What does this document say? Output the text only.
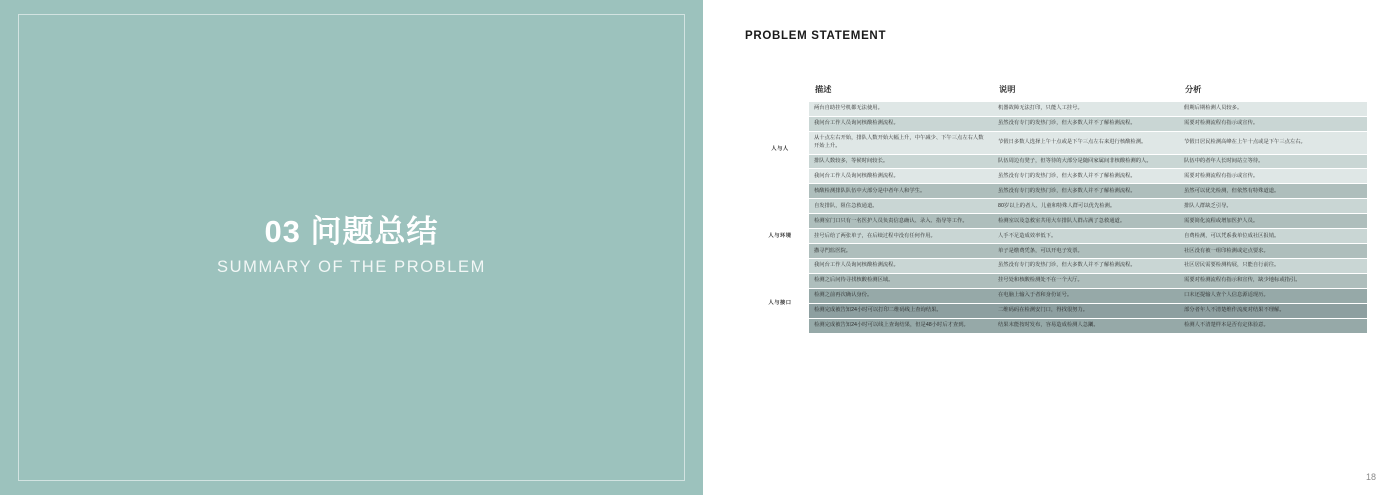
03 问题总结
SUMMARY OF THE PROBLEM
PROBLEM STATEMENT
	描述	说明	分析
人与人	两台自助挂号机都无法使用。	机器故障无法打印，只能人工挂号。	假期后期检测人员较多。
	我问台工作人员询问核酸检测流程。	虽然没有专门的发热门诊，但大多数人并不了解检测流程。	需要对检测流程有指示或宣传。
	从十点左右开始，排队人数开始大幅上升，中午减少、下午三点左右人数开始上升。	节假日多数人选择上午十点或是下午三点左右来进行核酸检测。	节假日居民检测高峰在上午十点或是下午三点左右。
	排队人数较多，等候时间较长。	队伍周边有凳子，但等待的大部分是随回家属间非核酸检测的人。	队伍中的者年人长时间站立等待。
	我问台工作人员询问核酸检测流程。	虽然没有专门的发热门诊，但大多数人并不了解检测流程。	需要对检测流程有指示或宣传。
	核酸检测排队队伍中大部分是中者年人和学生。	虽然没有专门的发热门诊，但大多数人并不了解检测流程。	虽然可以优先检测，但依然有特殊道道。
人与环境	自发排队，阻住急救通道。	80岁以上的者人、儿童和特殊人群可以优先检测。	排队人群缺乏引导。
	检测室门口只有一名医护人员负责信息确认、录入、指导等工作。	检测室以及急救室共用大车排队人群占满了急救通道。	需要简化流程或增加医护人员。
	挂号后给了两张单子，在后续过程中没有任何作用。	人手不足造成效率低下。	自费检测，可以凭系我单位成社区报销。
	撒寻門监医院。	单子是缴费凭条，可以开电子发票。	社区没有被一组印检测或定点要求。
	我问台工作人员询问核酸检测流程。	虽然没有专门的发热门诊，但大多数人并不了解检测流程。	社区居民需要检测构展，只能自行前往。
人与接口	检测之后问待寻找核酸检测区域。	挂号处和核酸检测处不在一个大厅。	需要对检测流程有指示和宣传，缺少地标或指引。
	检测之前再次确认身份。	在电脑上输入于者和身份证号。	口末还提输人查个人信息源适现历。
	检测完成被告知24小时可以打印二维码线上查询结果。	二维码码在检测安门口，得找很努力。	部分者年人不清楚维作流度对结果不理解。
	检测完成被告知24小时可以线上查询结果，但是48小时后才查到。	结果末能按时发布，容易造成检测人急躪。	检测人不清楚样本是否有定体验意。
18
